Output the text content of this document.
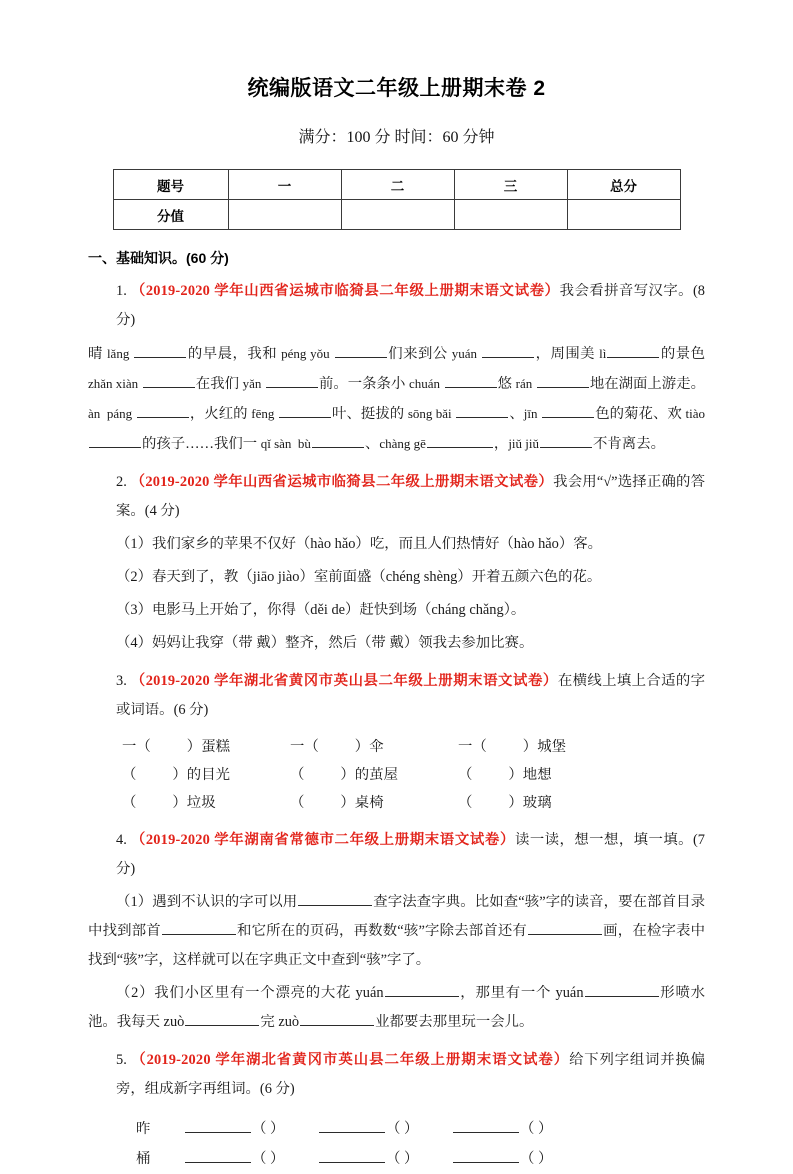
统编版语文二年级上册期末卷 2

满分：100 分 时间：60 分钟

题号	一	二	三	总分
分值				

一、基础知识。(60 分)

1. （2019-2020 学年山西省运城市临猗县二年级上册期末语文试卷）我会看拼音写汉字。(8 分)

晴 lǎng	的早晨，我和 péng yǒu	们来到公 yuán	，周围美 lì	的景色 zhǎn xiàn	在我们 yǎn	前。一条条小 chuán	悠 rán	地在湖面上游走。àn  páng	，火红的 fēng	叶、挺拔的 sōng bǎi	、jīn	色的菊花、欢 tiào 的孩子……我们一 qǐ sàn  bù	、chàng gē	，jiǔ jiǔ	不肯离去。

2. （2019-2020 学年山西省运城市临猗县二年级上册期末语文试卷）我会用“√”选择正确的答案。(4 分)

（1）我们家乡的苹果不仅好（hào hǎo）吃，而且人们热情好（hào hǎo）客。

（2）春天到了，教（jiāo jiào）室前面盛（chéng shèng）开着五颜六色的花。

（3）电影马上开始了，你得（děi de）赶快到场（cháng chǎng）。

（4）妈妈让我穿（带 戴）整齐，然后（带 戴）领我去参加比赛。

3. （2019-2020 学年湖北省黄冈市英山县二年级上册期末语文试卷）在横线上填上合适的字或词语。(6 分)

一（	）蛋糕	一（	）伞	一（	）城堡
（	）的目光	（	）的茧屋	（	）地想
（	）垃圾	（	）桌椅	（	）玻璃

4. （2019-2020 学年湖南省常德市二年级上册期末语文试卷）读一读，想一想，填一填。(7 分)

（1）遇到不认识的字可以用	查字法查字典。比如查“骇”字的读音，要在部首目录中找到部首	和它所在的页码，再数数“骇”字除去部首还有	画，在检字表中找到“骇”字，这样就可以在字典正文中查到“骇”字了。

（2）我们小区里有一个漂亮的大花 yuán	，那里有一个 yuán	形喷水池。我每天 zuò	完 zuò	业都要去那里玩一会儿。

5. （2019-2020 学年湖北省黄冈市英山县二年级上册期末语文试卷）给下列字组词并换偏旁，组成新字再组词。(6 分)

昨	（ ）	（ ）	（ ）
桶	（ ）	（ ）	（ ）
